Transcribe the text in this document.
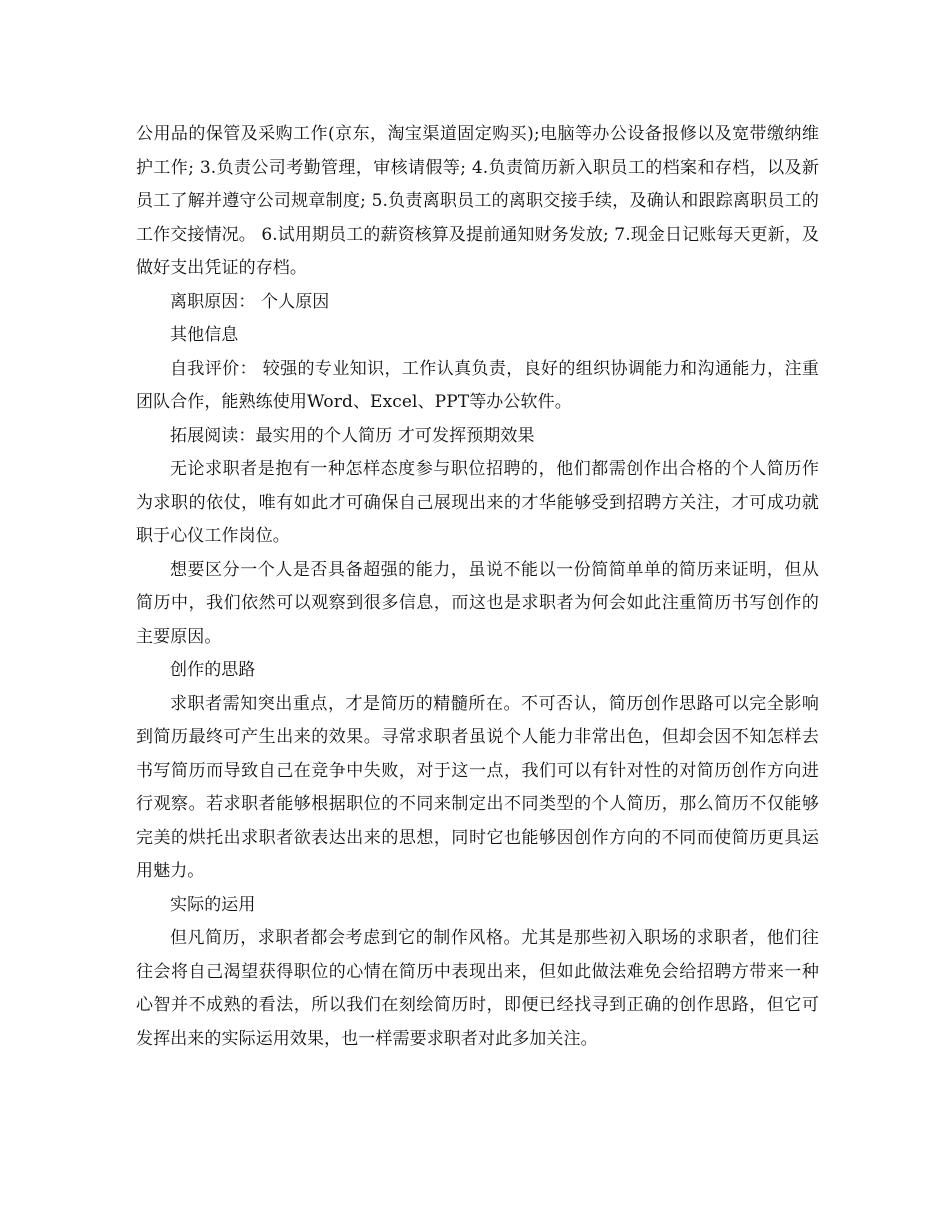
公用品的保管及采购工作(京东，淘宝渠道固定购买);电脑等办公设备报修以及宽带缴纳维护工作; 3.负责公司考勤管理，审核请假等; 4.负责简历新入职员工的档案和存档，以及新员工了解并遵守公司规章制度; 5.负责离职员工的离职交接手续，及确认和跟踪离职员工的工作交接情况。 6.试用期员工的薪资核算及提前通知财务发放; 7.现金日记账每天更新，及做好支出凭证的存档。

离职原因： 个人原因

其他信息

自我评价： 较强的专业知识，工作认真负责，良好的组织协调能力和沟通能力，注重团队合作，能熟练使用Word、Excel、PPT等办公软件。

拓展阅读：最实用的个人简历 才可发挥预期效果

无论求职者是抱有一种怎样态度参与职位招聘的，他们都需创作出合格的个人简历作为求职的依仗，唯有如此才可确保自己展现出来的才华能够受到招聘方关注，才可成功就职于心仪工作岗位。

想要区分一个人是否具备超强的能力，虽说不能以一份简简单单的简历来证明，但从简历中，我们依然可以观察到很多信息，而这也是求职者为何会如此注重简历书写创作的主要原因。

创作的思路

求职者需知突出重点，才是简历的精髓所在。不可否认，简历创作思路可以完全影响到简历最终可产生出来的效果。寻常求职者虽说个人能力非常出色，但却会因不知怎样去书写简历而导致自己在竞争中失败，对于这一点，我们可以有针对性的对简历创作方向进行观察。若求职者能够根据职位的不同来制定出不同类型的个人简历，那么简历不仅能够完美的烘托出求职者欲表达出来的思想，同时它也能够因创作方向的不同而使简历更具运用魅力。

实际的运用

但凡简历，求职者都会考虑到它的制作风格。尤其是那些初入职场的求职者，他们往往会将自己渴望获得职位的心情在简历中表现出来，但如此做法难免会给招聘方带来一种心智并不成熟的看法，所以我们在刻绘简历时，即便已经找寻到正确的创作思路，但它可发挥出来的实际运用效果，也一样需要求职者对此多加关注。
